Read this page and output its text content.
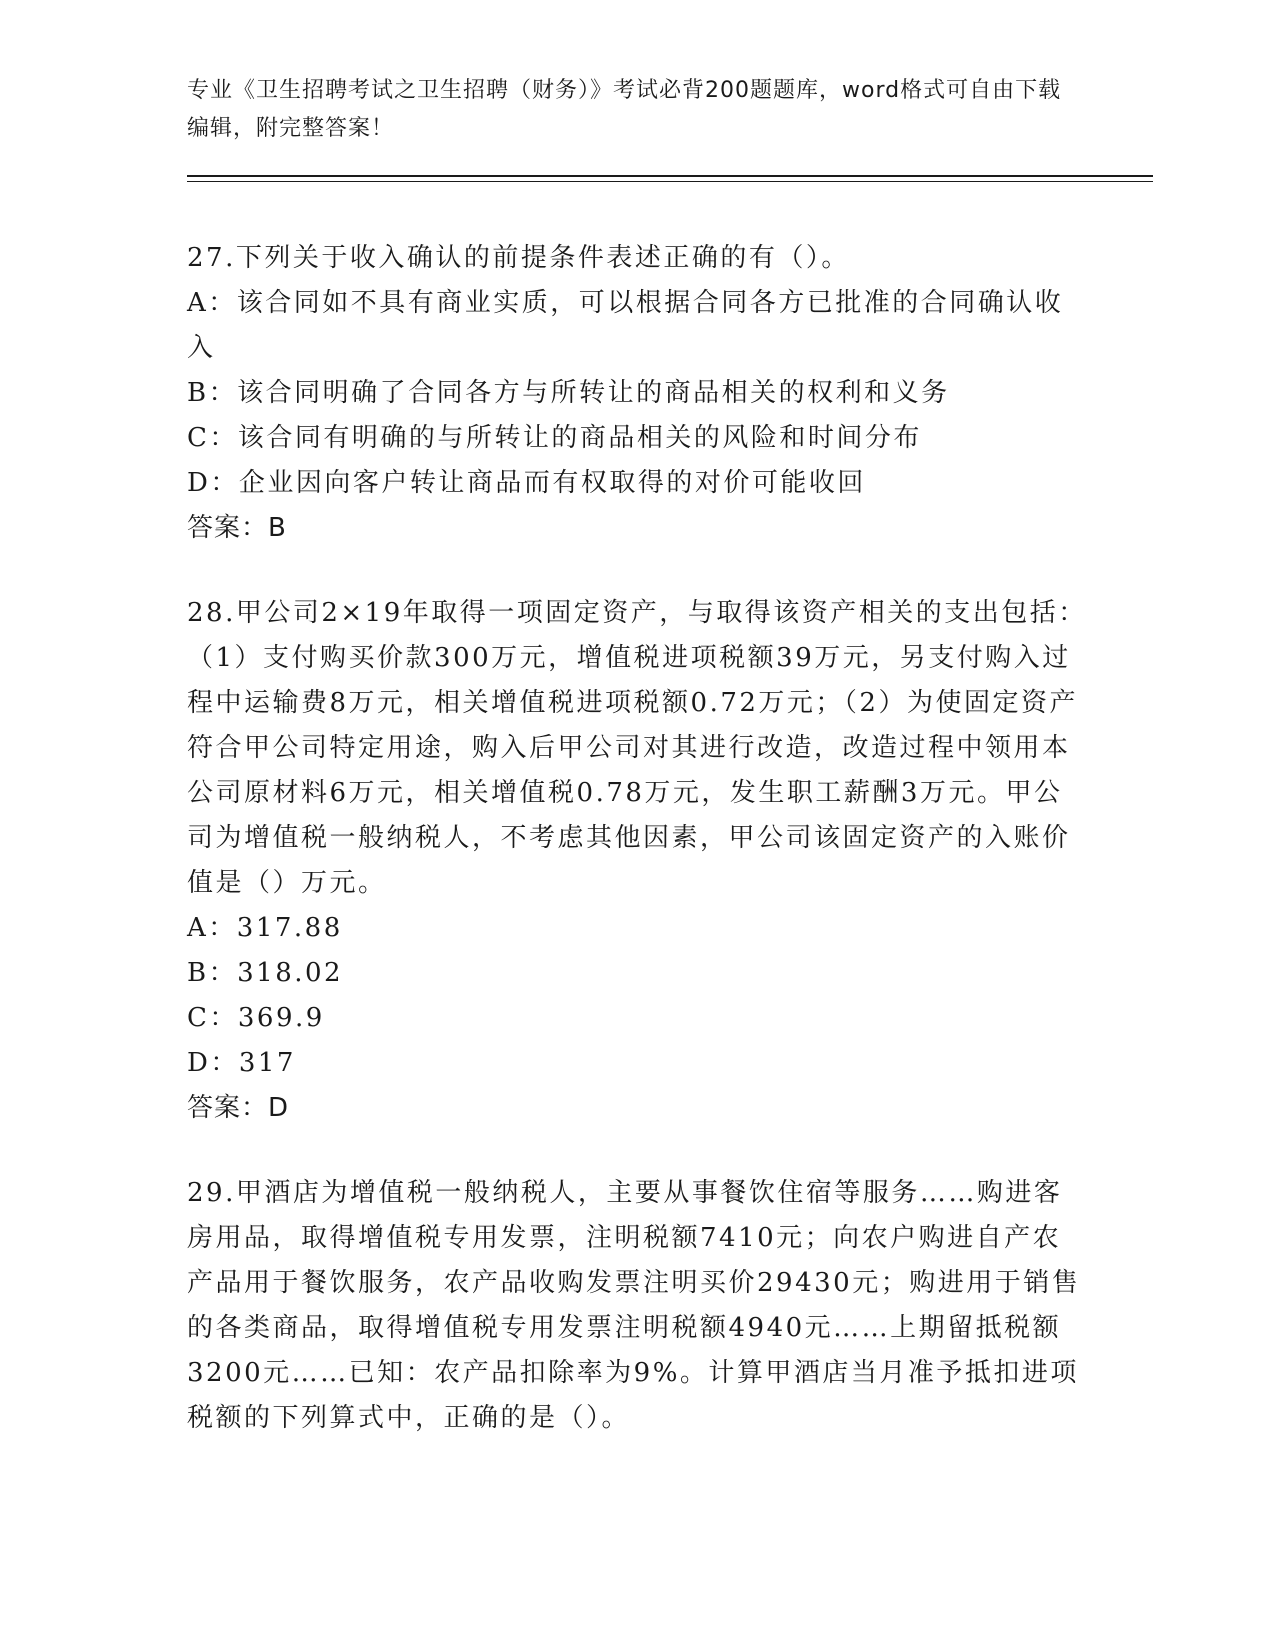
专业《卫生招聘考试之卫生招聘（财务）》考试必背200题题库，word格式可自由下载编辑，附完整答案！
27.下列关于收入确认的前提条件表述正确的有（）。
A：该合同如不具有商业实质，可以根据合同各方已批准的合同确认收入
B：该合同明确了合同各方与所转让的商品相关的权利和义务
C：该合同有明确的与所转让的商品相关的风险和时间分布
D：企业因向客户转让商品而有权取得的对价可能收回
答案：B
28.甲公司2×19年取得一项固定资产，与取得该资产相关的支出包括：（1）支付购买价款300万元，增值税进项税额39万元，另支付购入过程中运输费8万元，相关增值税进项税额0.72万元；（2）为使固定资产符合甲公司特定用途，购入后甲公司对其进行改造，改造过程中领用本公司原材料6万元，相关增值税0.78万元，发生职工薪酬3万元。甲公司为增值税一般纳税人，不考虑其他因素，甲公司该固定资产的入账价值是（）万元。
A：317.88
B：318.02
C：369.9
D：317
答案：D
29.甲酒店为增值税一般纳税人，主要从事餐饮住宿等服务……购进客房用品，取得增值税专用发票，注明税额7410元；向农户购进自产农产品用于餐饮服务，农产品收购发票注明买价29430元；购进用于销售的各类商品，取得增值税专用发票注明税额4940元……上期留抵税额3200元……已知：农产品扣除率为9%。计算甲酒店当月准予抵扣进项税额的下列算式中，正确的是（）。
